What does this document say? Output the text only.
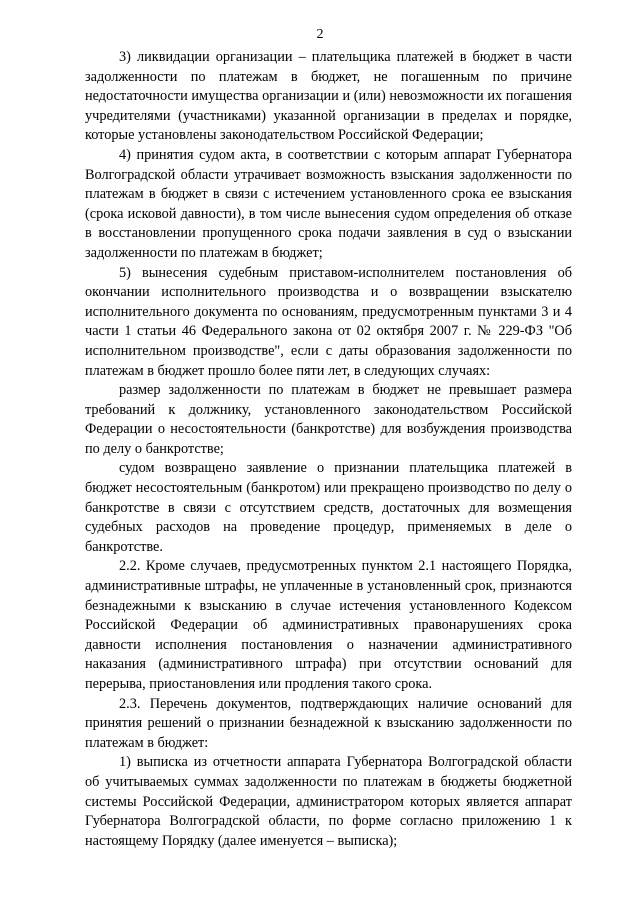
2

3) ликвидации организации – плательщика платежей в бюджет в части задолженности по платежам в бюджет, не погашенным по причине недостаточности имущества организации и (или) невозможности их погашения учредителями (участниками) указанной организации в пределах и порядке, которые установлены законодательством Российской Федерации;

4) принятия судом акта, в соответствии с которым аппарат Губернатора Волгоградской области утрачивает возможность взыскания задолженности по платежам в бюджет в связи с истечением установленного срока ее взыскания (срока исковой давности), в том числе вынесения судом определения об отказе в восстановлении пропущенного срока подачи заявления в суд о взыскании задолженности по платежам в бюджет;

5) вынесения судебным приставом-исполнителем постановления об окончании исполнительного производства и о возвращении взыскателю исполнительного документа по основаниям, предусмотренным пунктами 3 и 4 части 1 статьи 46 Федерального закона от 02 октября 2007 г. № 229-ФЗ "Об исполнительном производстве", если с даты образования задолженности по платежам в бюджет прошло более пяти лет, в следующих случаях:

размер задолженности по платежам в бюджет не превышает размера требований к должнику, установленного законодательством Российской Федерации о несостоятельности (банкротстве) для возбуждения производства по делу о банкротстве;

судом возвращено заявление о признании плательщика платежей в бюджет несостоятельным (банкротом) или прекращено производство по делу о банкротстве в связи с отсутствием средств, достаточных для возмещения судебных расходов на проведение процедур, применяемых в деле о банкротстве.

2.2. Кроме случаев, предусмотренных пунктом 2.1 настоящего Порядка, административные штрафы, не уплаченные в установленный срок, признаются безнадежными к взысканию в случае истечения установленного Кодексом Российской Федерации об административных правонарушениях срока давности исполнения постановления о назначении административного наказания (административного штрафа) при отсутствии оснований для перерыва, приостановления или продления такого срока.

2.3. Перечень документов, подтверждающих наличие оснований для принятия решений о признании безнадежной к взысканию задолженности по платежам в бюджет:

1) выписка из отчетности аппарата Губернатора Волгоградской области об учитываемых суммах задолженности по платежам в бюджеты бюджетной системы Российской Федерации, администратором которых является аппарат Губернатора Волгоградской области, по форме согласно приложению 1 к настоящему Порядку (далее именуется – выписка);
